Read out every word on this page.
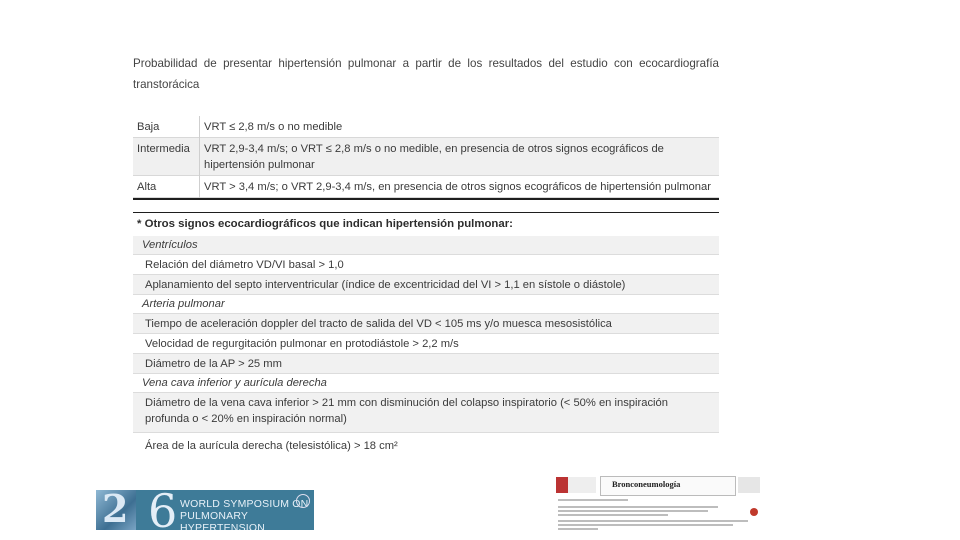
Probabilidad de presentar hipertensión pulmonar a partir de los resultados del estudio con ecocardiografía transtorácica
Baja	VRT ≤ 2,8 m/s o no medible
Intermedia	VRT 2,9-3,4 m/s; o VRT ≤ 2,8 m/s o no medible, en presencia de otros signos ecográficos de hipertensión pulmonar
Alta	VRT > 3,4 m/s; o VRT 2,9-3,4 m/s, en presencia de otros signos ecográficos de hipertensión pulmonar
* Otros signos ecocardiográficos que indican hipertensión pulmonar:
Ventrículos
Relación del diámetro VD/VI basal > 1,0
Aplanamiento del septo interventricular (índice de excentricidad del VI > 1,1 en sístole o diástole)
Arteria pulmonar
Tiempo de aceleración doppler del tracto de salida del VD < 105 ms y/o muesca mesosistólica
Velocidad de regurgitación pulmonar en protodiástole > 2,2 m/s
Diámetro de la AP > 25 mm
Vena cava inferior y aurícula derecha
Diámetro de la vena cava inferior > 21 mm con disminución del colapso inspiratorio (< 50% en inspiración profunda o < 20% en inspiración normal)
Área de la aurícula derecha (telesistólica) > 18 cm²
2 6 WORLD SYMPOSIUM ON PULMONARY HYPERTENSION
Bronconeumología
